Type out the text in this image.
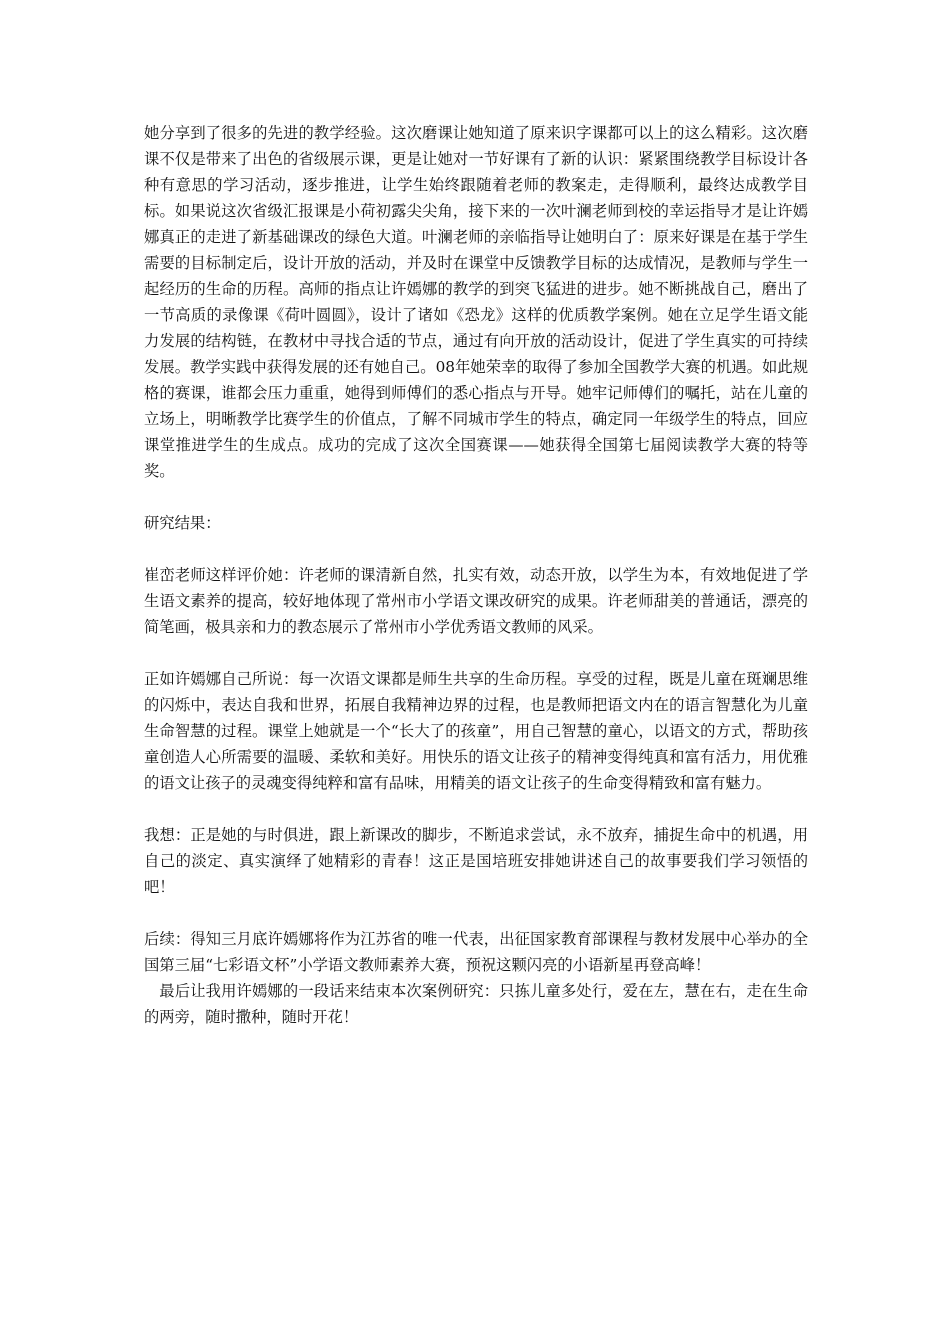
她分享到了很多的先进的教学经验。这次磨课让她知道了原来识字课都可以上的这么精彩。这次磨课不仅是带来了出色的省级展示课，更是让她对一节好课有了新的认识：紧紧围绕教学目标设计各种有意思的学习活动，逐步推进，让学生始终跟随着老师的教案走，走得顺利，最终达成教学目标。如果说这次省级汇报课是小荷初露尖尖角，接下来的一次叶澜老师到校的幸运指导才是让许嫣娜真正的走进了新基础课改的绿色大道。叶澜老师的亲临指导让她明白了：原来好课是在基于学生需要的目标制定后，设计开放的活动，并及时在课堂中反馈教学目标的达成情况，是教师与学生一起经历的生命的历程。高师的指点让许嫣娜的教学的到突飞猛进的进步。她不断挑战自己，磨出了一节高质的录像课《荷叶圆圆》，设计了诸如《恐龙》这样的优质教学案例。她在立足学生语文能力发展的结构链，在教材中寻找合适的节点，通过有向开放的活动设计，促进了学生真实的可持续发展。教学实践中获得发展的还有她自己。08年她荣幸的取得了参加全国教学大赛的机遇。如此规格的赛课，谁都会压力重重，她得到师傅们的悉心指点与开导。她牢记师傅们的嘱托，站在儿童的立场上，明晰教学比赛学生的价值点，了解不同城市学生的特点，确定同一年级学生的特点，回应课堂推进学生的生成点。成功的完成了这次全国赛课——她获得全国第七届阅读教学大赛的特等奖。

研究结果：

崔峦老师这样评价她：许老师的课清新自然，扎实有效，动态开放，以学生为本，有效地促进了学生语文素养的提高，较好地体现了常州市小学语文课改研究的成果。许老师甜美的普通话，漂亮的简笔画，极具亲和力的教态展示了常州市小学优秀语文教师的风采。

正如许嫣娜自己所说：每一次语文课都是师生共享的生命历程。享受的过程，既是儿童在斑斓思维的闪烁中，表达自我和世界，拓展自我精神边界的过程，也是教师把语文内在的语言智慧化为儿童生命智慧的过程。课堂上她就是一个“长大了的孩童”，用自己智慧的童心，以语文的方式，帮助孩童创造人心所需要的温暖、柔软和美好。用快乐的语文让孩子的精神变得纯真和富有活力，用优雅的语文让孩子的灵魂变得纯粹和富有品味，用精美的语文让孩子的生命变得精致和富有魅力。

我想：正是她的与时俱进，跟上新课改的脚步，不断追求尝试，永不放弃，捕捉生命中的机遇，用自己的淡定、真实演绎了她精彩的青春！这正是国培班安排她讲述自己的故事要我们学习领悟的吧！

后续：得知三月底许嫣娜将作为江苏省的唯一代表，出征国家教育部课程与教材发展中心举办的全国第三届“七彩语文杯”小学语文教师素养大赛，预祝这颗闪亮的小语新星再登高峰！

最后让我用许嫣娜的一段话来结束本次案例研究：只拣儿童多处行，爱在左，慧在右，走在生命的两旁，随时撒种，随时开花！
